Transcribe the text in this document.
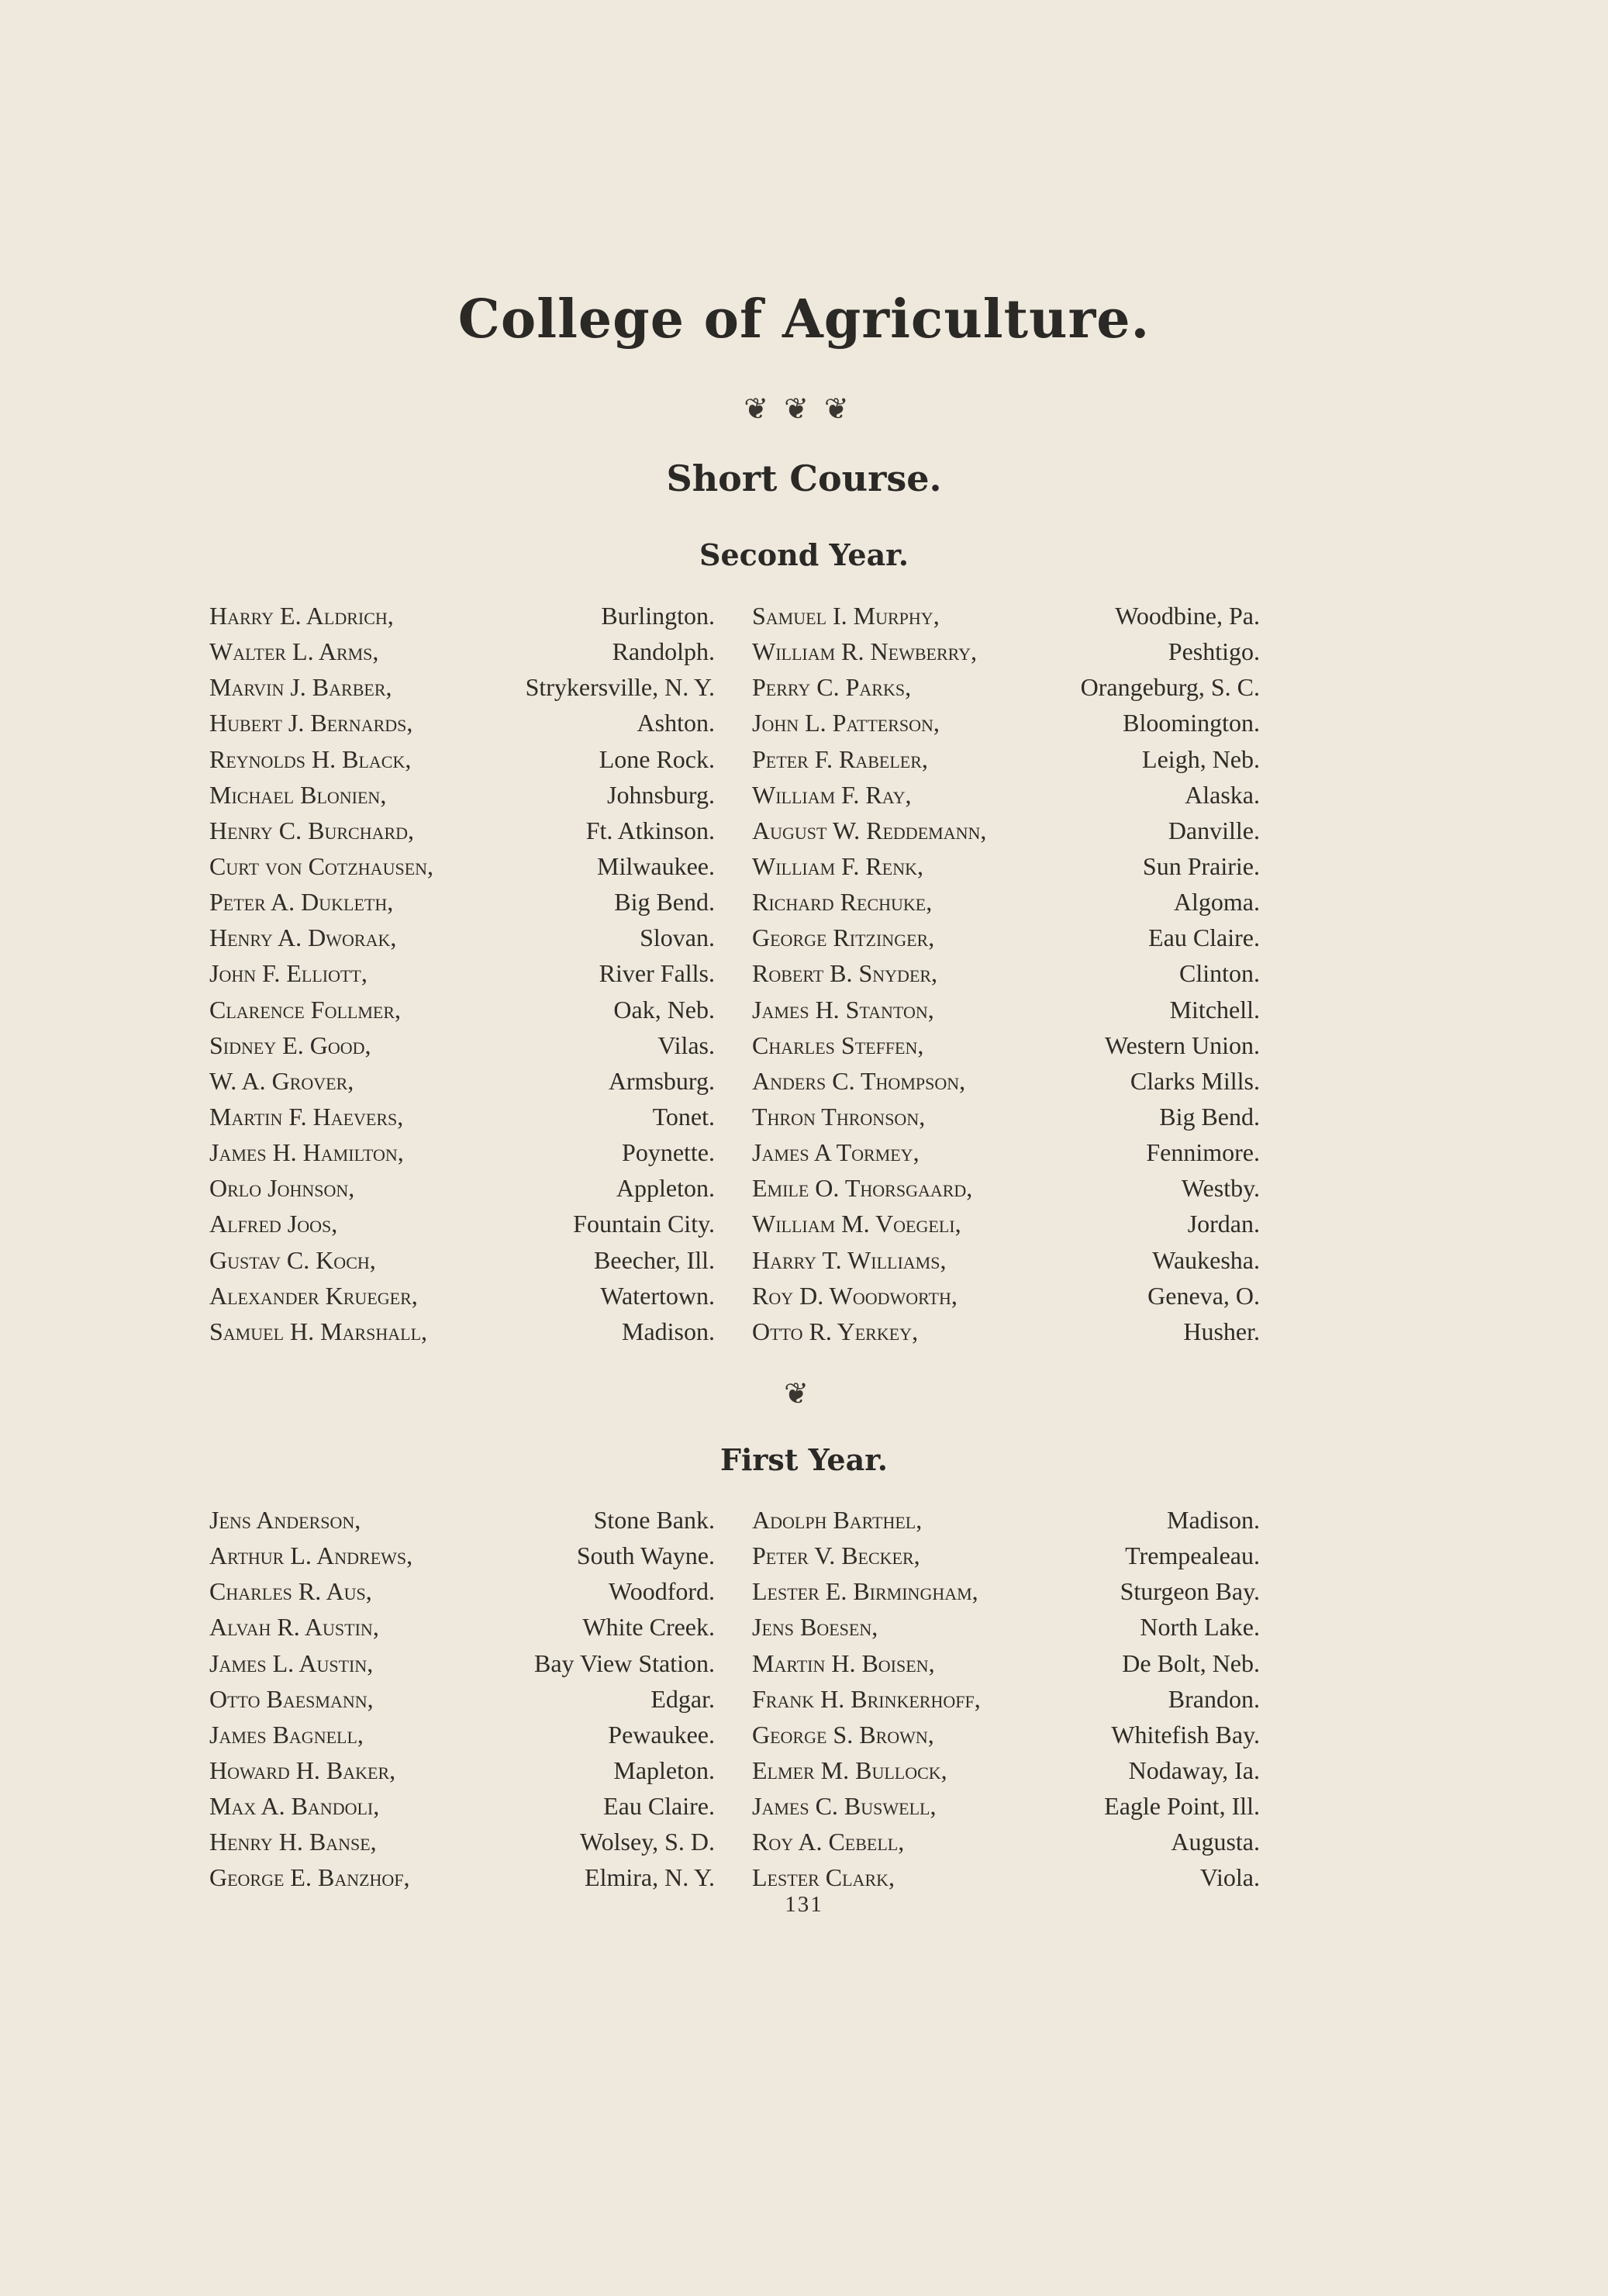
College of Agriculture.
❦❦❦
Short Course.
Second Year.
Harry E. Aldrich,	Burlington. Samuel I. Murphy,	Woodbine, Pa.
Walter L. Arms,	Randolph. William R. Newberry,	Peshtigo.
Marvin J. Barber,	Strykersville, N. Y. Perry C. Parks,	Orangeburg, S. C.
Hubert J. Bernards,	Ashton. John L. Patterson,	Bloomington.
Reynolds H. Black,	Lone Rock. Peter F. Rabeler,	Leigh, Neb.
Michael Blonien,	Johnsburg. William F. Ray,	Alaska.
Henry C. Burchard,	Ft. Atkinson. August W. Reddemann,	Danville.
Curt von Cotzhausen,	Milwaukee. William F. Renk,	Sun Prairie.
Peter A. Dukleth,	Big Bend. Richard Rechuke,	Algoma.
Henry A. Dworak,	Slovan. George Ritzinger,	Eau Claire.
John F. Elliott,	River Falls. Robert B. Snyder,	Clinton.
Clarence Follmer,	Oak, Neb. James H. Stanton,	Mitchell.
Sidney E. Good,	Vilas. Charles Steffen,	Western Union.
W. A. Grover,	Armsburg. Anders C. Thompson,	Clarks Mills.
Martin F. Haevers,	Tonet. Thron Thronson,	Big Bend.
James H. Hamilton,	Poynette. James A Tormey,	Fennimore.
Orlo Johnson,	Appleton. Emile O. Thorsgaard,	Westby.
Alfred Joos,	Fountain City. William M. Voegeli,	Jordan.
Gustav C. Koch,	Beecher, Ill. Harry T. Williams,	Waukesha.
Alexander Krueger,	Watertown. Roy D. Woodworth,	Geneva, O.
Samuel H. Marshall,	Madison. Otto R. Yerkey,	Husher.
❦
First Year.
Jens Anderson,	Stone Bank. Adolph Barthel,	Madison.
Arthur L. Andrews,	South Wayne. Peter V. Becker,	Trempealeau.
Charles R. Aus,	Woodford. Lester E. Birmingham,	Sturgeon Bay.
Alvah R. Austin,	White Creek. Jens Boesen,	North Lake.
James L. Austin,	Bay View Station. Martin H. Boisen,	De Bolt, Neb.
Otto Baesmann,	Edgar. Frank H. Brinkerhoff,	Brandon.
James Bagnell,	Pewaukee. George S. Brown,	Whitefish Bay.
Howard H. Baker,	Mapleton. Elmer M. Bullock,	Nodaway, Ia.
Max A. Bandoli,	Eau Claire. James C. Buswell,	Eagle Point, Ill.
Henry H. Banse,	Wolsey, S. D. Roy A. Cebell,	Augusta.
George E. Banzhof,	Elmira, N. Y. Lester Clark,	Viola.
131
